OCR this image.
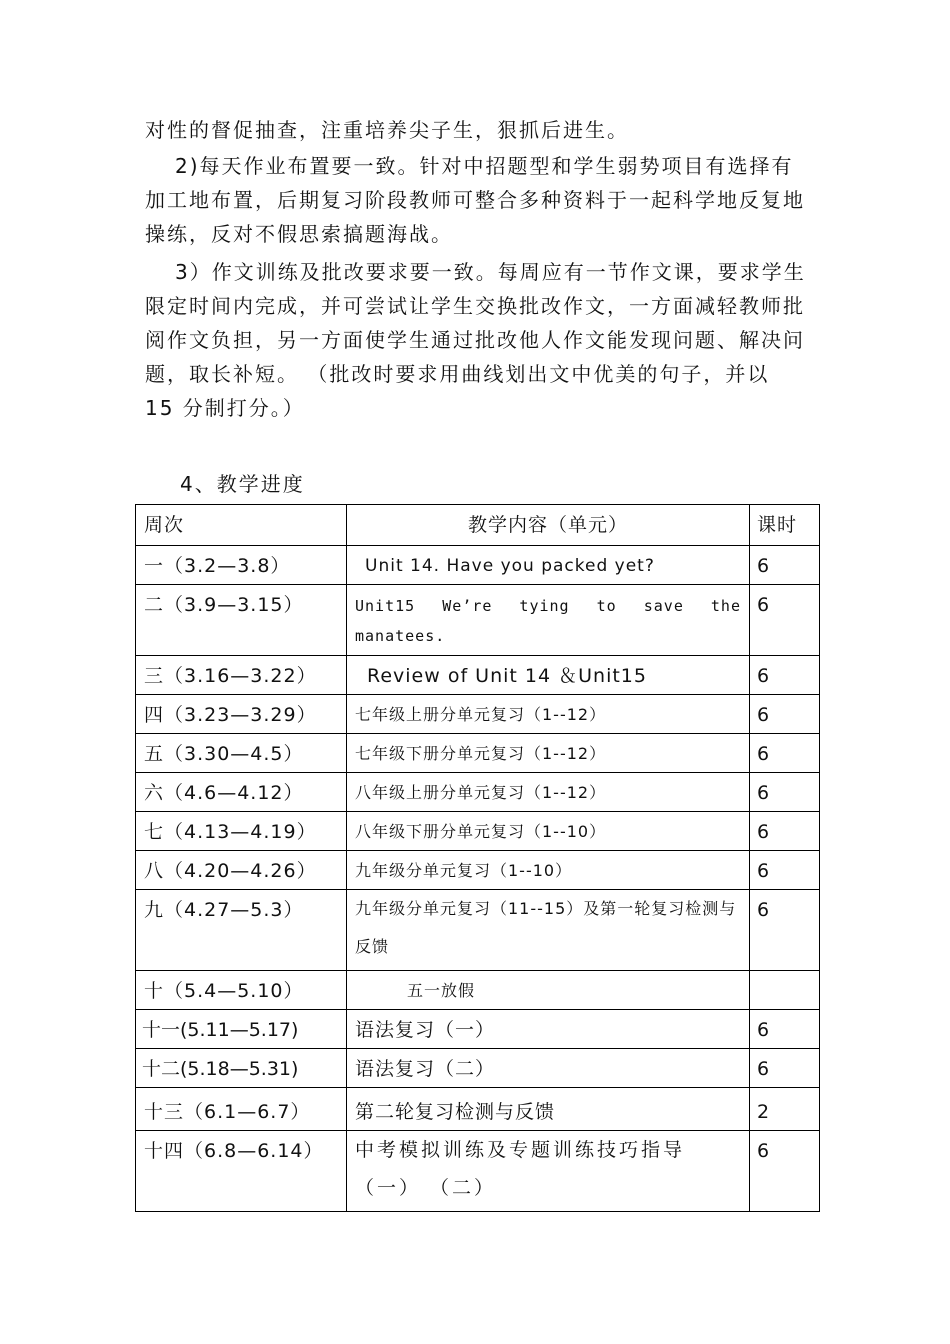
对性的督促抽查，注重培养尖子生，狠抓后进生。

2)每天作业布置要一致。针对中招题型和学生弱势项目有选择有加工地布置，后期复习阶段教师可整合多种资料于一起科学地反复地操练，反对不假思索搞题海战。

3）作文训练及批改要求要一致。每周应有一节作文课，要求学生限定时间内完成，并可尝试让学生交换批改作文，一方面减轻教师批阅作文负担，另一方面使学生通过批改他人作文能发现问题、解决问题，取长补短。 （批改时要求用曲线划出文中优美的句子，并以 15 分制打分。）

4、教学进度
周次	教学内容（单元）	课时
一（3.2—3.8）	Unit 14. Have you packed yet?	6
二（3.9—3.15）	Unit15 We’re tying to save the
manatees.	6
三（3.16—3.22）	Review of Unit 14 ＆Unit15	6
四（3.23—3.29）	七年级上册分单元复习（1--12）	6
五（3.30—4.5）	七年级下册分单元复习（1--12）	6
六（4.6—4.12）	八年级上册分单元复习（1--12）	6
七（4.13—4.19）	八年级下册分单元复习（1--10）	6
八（4.20—4.26）	九年级分单元复习（1--10）	6
九（4.27—5.3）	九年级分单元复习（11--15）及第一轮复习检测与反馈	6
十（5.4—5.10）	五一放假	
十一(5.11—5.17)	语法复习（一）	6
十二(5.18—5.31)	语法复习（二）	6
十三（6.1—6.7）	第二轮复习检测与反馈	2
十四（6.8—6.14）	中考模拟训练及专题训练技巧指导（一） （二）	6
